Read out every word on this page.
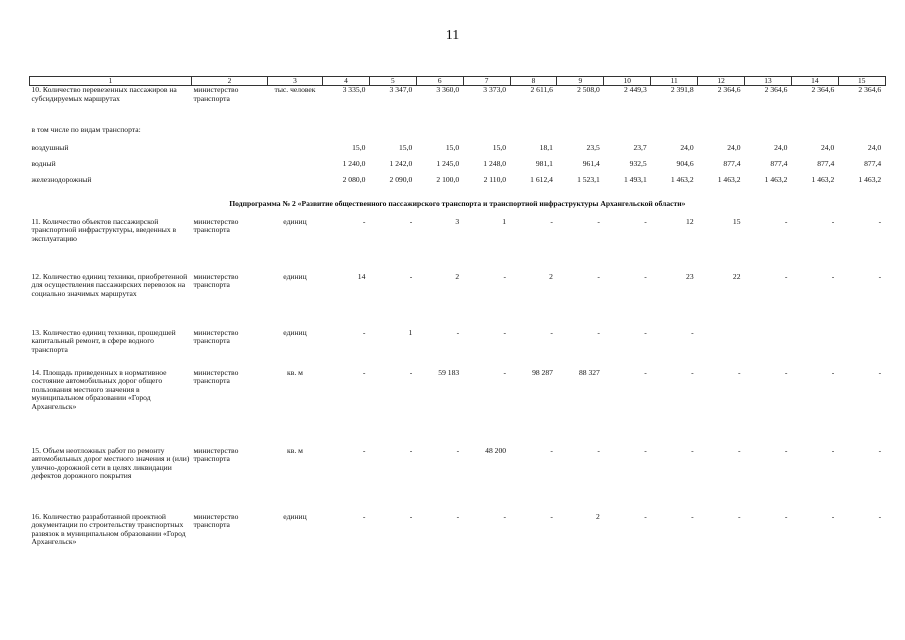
11
1	2	3	4	5	6	7	8	9	10	11	12	13	14	15
10. Количество перевезенных пассажиров на субсидируемых маршрутах	министерство транспорта	тыс. человек	3 335,0	3 347,0	3 360,0	3 373,0	2 611,6	2 508,0	2 449,3	2 391,8	2 364,6	2 364,6	2 364,6	2 364,6
в том числе по видам транспорта:														
воздушный			15,0	15,0	15,0	15,0	18,1	23,5	23,7	24,0	24,0	24,0	24,0	24,0
водный			1 240,0	1 242,0	1 245,0	1 248,0	981,1	961,4	932,5	904,6	877,4	877,4	877,4	877,4
железнодорожный			2 080,0	2 090,0	2 100,0	2 110,0	1 612,4	1 523,1	1 493,1	1 463,2	1 463,2	1 463,2	1 463,2	1 463,2
Подпрограмма № 2 «Развитие общественного пассажирского транспорта и транспортной инфраструктуры Архангельской области»														
11. Количество объектов пассажирской транспортной инфраструктуры, введенных в эксплуатацию	министерство транспорта	единиц	-	-	3	1	-	-	-	12	15	-	-	-
12. Количество единиц техники, приобретенной для осуществления пассажирских перевозок на социально значимых маршрутах	министерство транспорта	единиц	14	-	2	-	2	-	-	23	22	-	-	-
13. Количество единиц техники, прошедшей капитальный ремонт, в сфере водного транспорта	министерство транспорта	единиц	-	1	-	-	-	-	-	-				
14. Площадь приведенных в нормативное состояние автомобильных дорог общего пользования местного значения в муниципальном образовании «Город Архангельск»	министерство транспорта	кв. м	-	-	59 183	-	98 287	88 327	-	-	-	-	-	-
15. Объем неотложных работ по ремонту автомобильных дорог местного значения и (или) улично-дорожной сети в целях ликвидации дефектов дорожного покрытия	министерство транспорта	кв. м	-	-	-	48 200	-	-	-	-	-	-	-	-
16. Количество разработанной проектной документации по строительству транспортных развязок в муниципальном образовании «Город Архангельск»	министерство транспорта	единиц	-	-	-	-	-	2	-	-	-	-	-	-
